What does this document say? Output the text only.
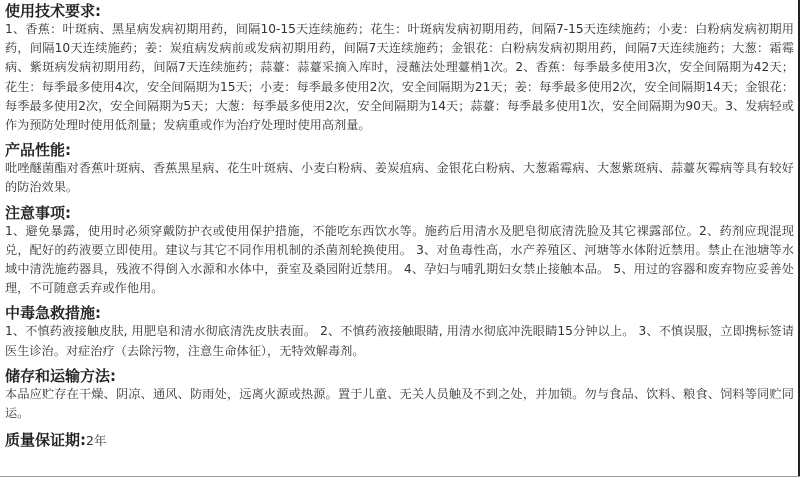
使用技术要求:
1、香蕉：叶斑病、黑星病发病初期用药，间隔10-15天连续施药；花生：叶斑病发病初期用药，间隔7-15天连续施药；小麦：白粉病发病初期用药，间隔10天连续施药；姜：炭疽病发病前或发病初期用药，间隔7天连续施药；金银花：白粉病发病初期用药，间隔7天连续施药；大葱：霜霉病、紫斑病发病初期用药，间隔7天连续施药；蒜薹：蒜薹采摘入库时，浸蘸法处理薹梢1次。2、香蕉：每季最多使用3次，安全间隔期为42天；花生：每季最多使用4次，安全间隔期为15天；小麦：每季最多使用2次，安全间隔期为21天；姜：每季最多使用2次，安全间隔期14天；金银花：每季最多使用2次，安全间隔期为5天；大葱：每季最多使用2次，安全间隔期为14天；蒜薹：每季最多使用1次，安全间隔期为90天。3、发病轻或作为预防处理时使用低剂量；发病重或作为治疗处理时使用高剂量。
产品性能:
吡唑醚菌酯对香蕉叶斑病、香蕉黑星病、花生叶斑病、小麦白粉病、姜炭疽病、金银花白粉病、大葱霜霉病、大葱紫斑病、蒜薹灰霉病等具有较好的防治效果。
注意事项:
1、避免暴露，使用时必须穿戴防护衣或使用保护措施，不能吃东西饮水等。施药后用清水及肥皂彻底清洗脸及其它裸露部位。2、药剂应现混现兑，配好的药液要立即使用。建议与其它不同作用机制的杀菌剂轮换使用。 3、对鱼毒性高，水产养殖区、河塘等水体附近禁用。禁止在池塘等水域中清洗施药器具，残液不得倒入水源和水体中，蚕室及桑园附近禁用。 4、孕妇与哺乳期妇女禁止接触本品。 5、用过的容器和废弃物应妥善处理，不可随意丢弃或作他用。
中毒急救措施:
1、不慎药液接触皮肤, 用肥皂和清水彻底清洗皮肤表面。 2、不慎药液接触眼睛, 用清水彻底冲洗眼睛15分钟以上。 3、不慎误服，立即携标签请医生诊治。对症治疗（去除污物，注意生命体征），无特效解毒剂。
储存和运输方法:
本品应贮存在干燥、阴凉、通风、防雨处，远离火源或热源。置于儿童、无关人员触及不到之处，并加锁。勿与食品、饮料、粮食、饲料等同贮同运。
质量保证期:2年
